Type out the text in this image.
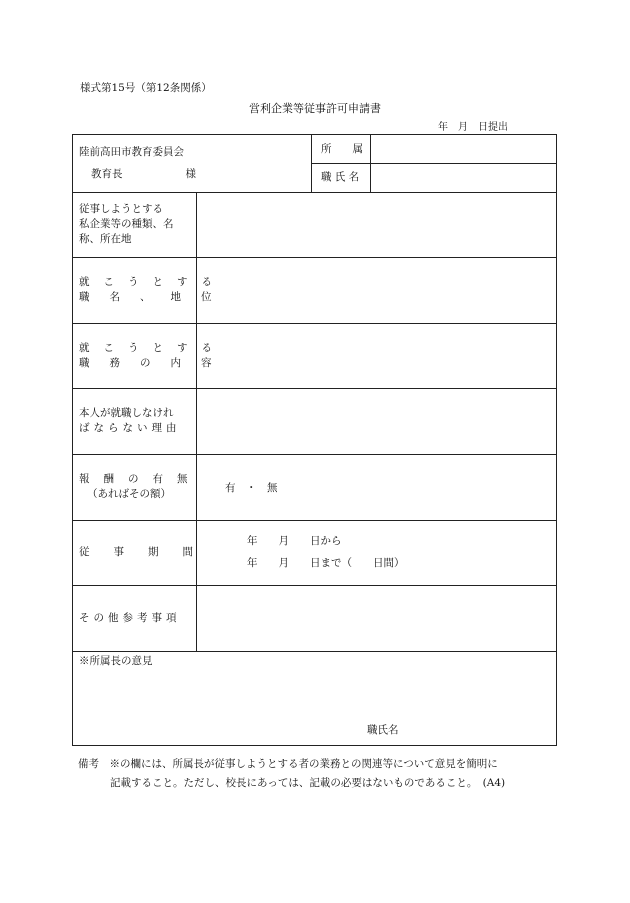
様式第15号（第12条関係）
営利企業等従事許可申請書
年　月　日提出
陸前高田市教育委員会
教育長　　　　　　様
所　　属
職 氏 名
従事しようとする
私企業等の種類、名
称、所在地
就こうとする
職名、地位
就こうとする
職務の内容
本人が就職しなけれ
ばならない理由
報酬の有無
（あればその額）	有　・　無
従事期間
年　　月　　日から
年　　月　　日まで（　　日間）
その他参考事項
※所属長の意見
職氏名
備考　※の欄には、所属長が従事しようとする者の業務との関連等について意見を簡明に
記載すること。ただし、校長にあっては、記載の必要はないものであること。　(A4)
